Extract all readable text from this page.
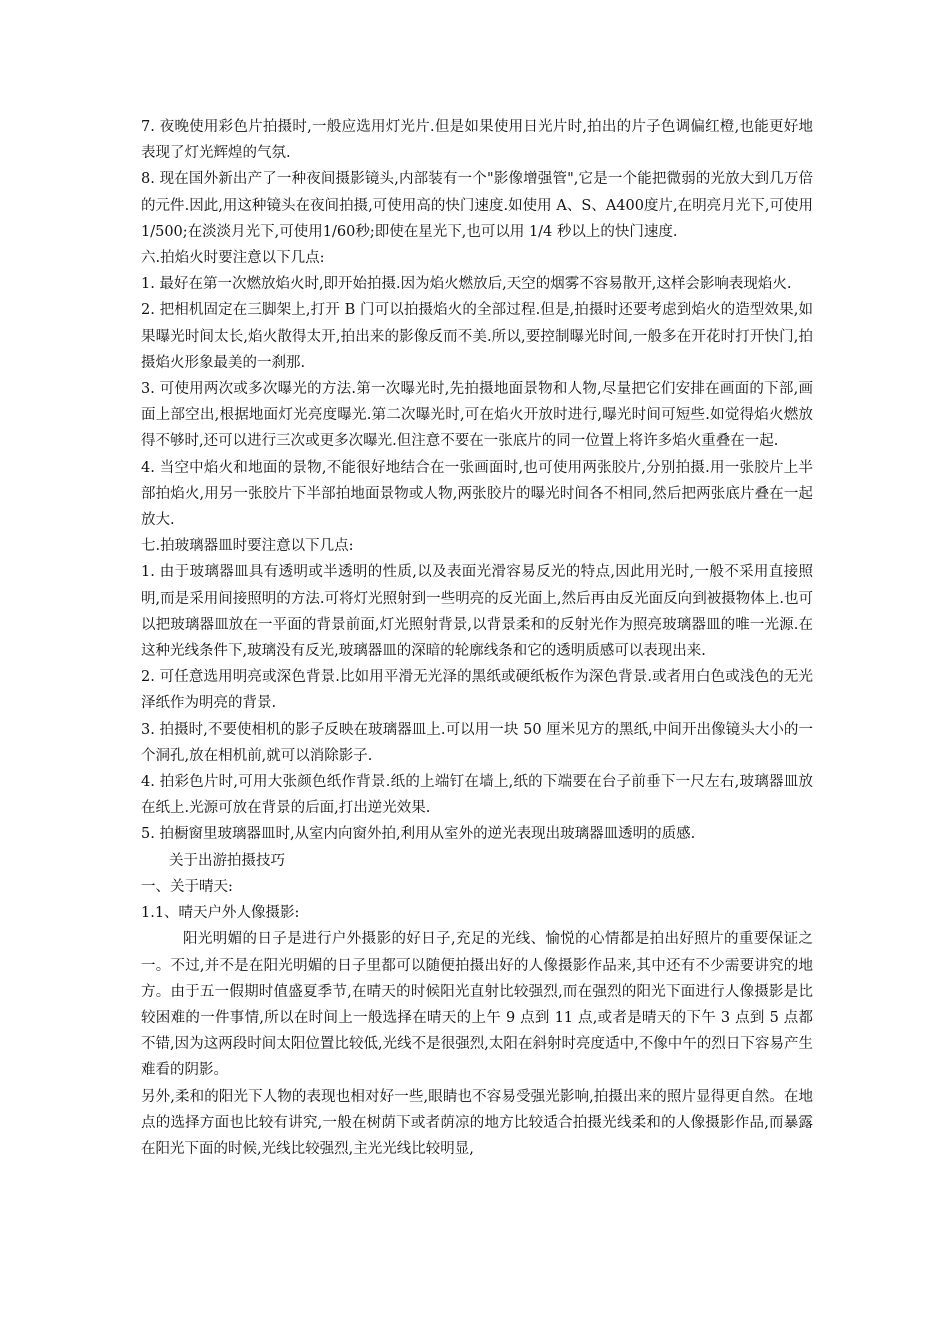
7. 夜晚使用彩色片拍摄时,一般应选用灯光片.但是如果使用日光片时,拍出的片子色调偏红橙,也能更好地表现了灯光辉煌的气氛.

8. 现在国外新出产了一种夜间摄影镜头,内部装有一个"影像增强管",它是一个能把微弱的光放大到几万倍的元件.因此,用这种镜头在夜间拍摄,可使用高的快门速度.如使用 A、S、A400度片,在明亮月光下,可使用1/500;在淡淡月光下,可使用1/60秒;即使在星光下,也可以用 1/4 秒以上的快门速度.

六.拍焰火时要注意以下几点:

1. 最好在第一次燃放焰火时,即开始拍摄.因为焰火燃放后,天空的烟雾不容易散开,这样会影响表现焰火.

2. 把相机固定在三脚架上,打开 B 门可以拍摄焰火的全部过程.但是,拍摄时还要考虑到焰火的造型效果,如果曝光时间太长,焰火散得太开,拍出来的影像反而不美.所以,要控制曝光时间,一般多在开花时打开快门,拍摄焰火形象最美的一刹那.

3. 可使用两次或多次曝光的方法.第一次曝光时,先拍摄地面景物和人物,尽量把它们安排在画面的下部,画面上部空出,根据地面灯光亮度曝光.第二次曝光时,可在焰火开放时进行,曝光时间可短些.如觉得焰火燃放得不够时,还可以进行三次或更多次曝光.但注意不要在一张底片的同一位置上将许多焰火重叠在一起.

4. 当空中焰火和地面的景物,不能很好地结合在一张画面时,也可使用两张胶片,分别拍摄.用一张胶片上半部拍焰火,用另一张胶片下半部拍地面景物或人物,两张胶片的曝光时间各不相同,然后把两张底片叠在一起放大.

七.拍玻璃器皿时要注意以下几点:

1. 由于玻璃器皿具有透明或半透明的性质,以及表面光滑容易反光的特点,因此用光时,一般不采用直接照明,而是采用间接照明的方法.可将灯光照射到一些明亮的反光面上,然后再由反光面反向到被摄物体上.也可以把玻璃器皿放在一平面的背景前面,灯光照射背景,以背景柔和的反射光作为照亮玻璃器皿的唯一光源.在这种光线条件下,玻璃没有反光,玻璃器皿的深暗的轮廓线条和它的透明质感可以表现出来.

2. 可任意选用明亮或深色背景.比如用平滑无光泽的黑纸或硬纸板作为深色背景.或者用白色或浅色的无光泽纸作为明亮的背景.

3. 拍摄时,不要使相机的影子反映在玻璃器皿上.可以用一块 50 厘米见方的黑纸,中间开出像镜头大小的一个洞孔,放在相机前,就可以消除影子.

4. 拍彩色片时,可用大张颜色纸作背景.纸的上端钉在墙上,纸的下端要在台子前垂下一尺左右,玻璃器皿放在纸上.光源可放在背景的后面,打出逆光效果.

5. 拍橱窗里玻璃器皿时,从室内向窗外拍,利用从室外的逆光表现出玻璃器皿透明的质感.

关于出游拍摄技巧

一、关于晴天:

1.1、晴天户外人像摄影:

阳光明媚的日子是进行户外摄影的好日子,充足的光线、愉悦的心情都是拍出好照片的重要保证之一。不过,并不是在阳光明媚的日子里都可以随便拍摄出好的人像摄影作品来,其中还有不少需要讲究的地方。由于五一假期时值盛夏季节,在晴天的时候阳光直射比较强烈,而在强烈的阳光下面进行人像摄影是比较困难的一件事情,所以在时间上一般选择在晴天的上午 9 点到 11 点,或者是晴天的下午 3 点到 5 点都不错,因为这两段时间太阳位置比较低,光线不是很强烈,太阳在斜射时亮度适中,不像中午的烈日下容易产生难看的阴影。

另外,柔和的阳光下人物的表现也相对好一些,眼睛也不容易受强光影响,拍摄出来的照片显得更自然。在地点的选择方面也比较有讲究,一般在树荫下或者荫凉的地方比较适合拍摄光线柔和的人像摄影作品,而暴露在阳光下面的时候,光线比较强烈,主光光线比较明显,
